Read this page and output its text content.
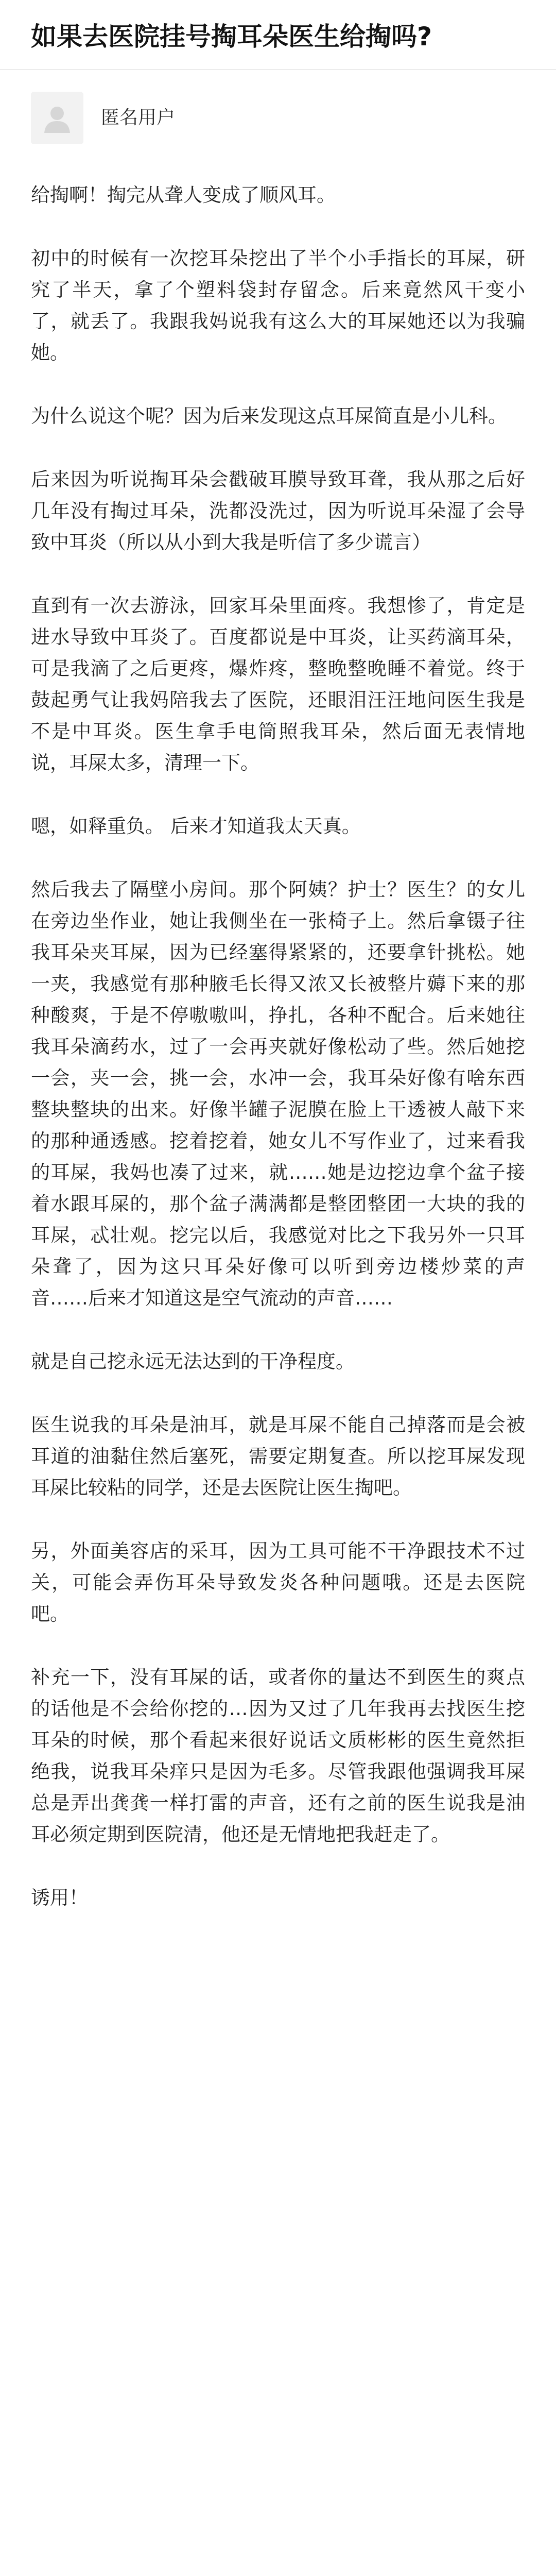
如果去医院挂号掏耳朵医生给掏吗?
匿名用户

给掏啊！掏完从聋人变成了顺风耳。

初中的时候有一次挖耳朵挖出了半个小手指长的耳屎，研究了半天，拿了个塑料袋封存留念。后来竟然风干变小了，就丢了。我跟我妈说我有这么大的耳屎她还以为我骗她。

为什么说这个呢？因为后来发现这点耳屎简直是小儿科。

后来因为听说掏耳朵会戳破耳膜导致耳聋，我从那之后好几年没有掏过耳朵，洗都没洗过，因为听说耳朵湿了会导致中耳炎（所以从小到大我是听信了多少谎言）

直到有一次去游泳，回家耳朵里面疼。我想惨了，肯定是进水导致中耳炎了。百度都说是中耳炎，让买药滴耳朵，可是我滴了之后更疼，爆炸疼，整晚整晚睡不着觉。终于鼓起勇气让我妈陪我去了医院，还眼泪汪汪地问医生我是不是中耳炎。医生拿手电筒照我耳朵，然后面无表情地说，耳屎太多，清理一下。

嗯，如释重负。 后来才知道我太天真。

然后我去了隔壁小房间。那个阿姨？护士？医生？的女儿在旁边坐作业，她让我侧坐在一张椅子上。然后拿镊子往我耳朵夹耳屎，因为已经塞得紧紧的，还要拿针挑松。她一夹，我感觉有那种腋毛长得又浓又长被整片薅下来的那种酸爽，于是不停嗷嗷叫，挣扎，各种不配合。后来她往我耳朵滴药水，过了一会再夹就好像松动了些。然后她挖一会，夹一会，挑一会，水冲一会，我耳朵好像有啥东西整块整块的出来。好像半罐子泥膜在脸上干透被人敲下来的那种通透感。挖着挖着，她女儿不写作业了，过来看我的耳屎，我妈也凑了过来，就……她是边挖边拿个盆子接着水跟耳屎的，那个盆子满满都是整团整团一大块的我的耳屎，忒壮观。挖完以后，我感觉对比之下我另外一只耳朵聋了，因为这只耳朵好像可以听到旁边楼炒菜的声音……后来才知道这是空气流动的声音……

就是自己挖永远无法达到的干净程度。

医生说我的耳朵是油耳，就是耳屎不能自己掉落而是会被耳道的油黏住然后塞死，需要定期复查。所以挖耳屎发现耳屎比较粘的同学，还是去医院让医生掏吧。

另，外面美容店的采耳，因为工具可能不干净跟技术不过关，可能会弄伤耳朵导致发炎各种问题哦。还是去医院吧。

补充一下，没有耳屎的话，或者你的量达不到医生的爽点的话他是不会给你挖的…因为又过了几年我再去找医生挖耳朵的时候，那个看起来很好说话文质彬彬的医生竟然拒绝我，说我耳朵痒只是因为毛多。尽管我跟他强调我耳屎总是弄出龚龚一样打雷的声音，还有之前的医生说我是油耳必须定期到医院清，他还是无情地把我赶走了。

诱用！
